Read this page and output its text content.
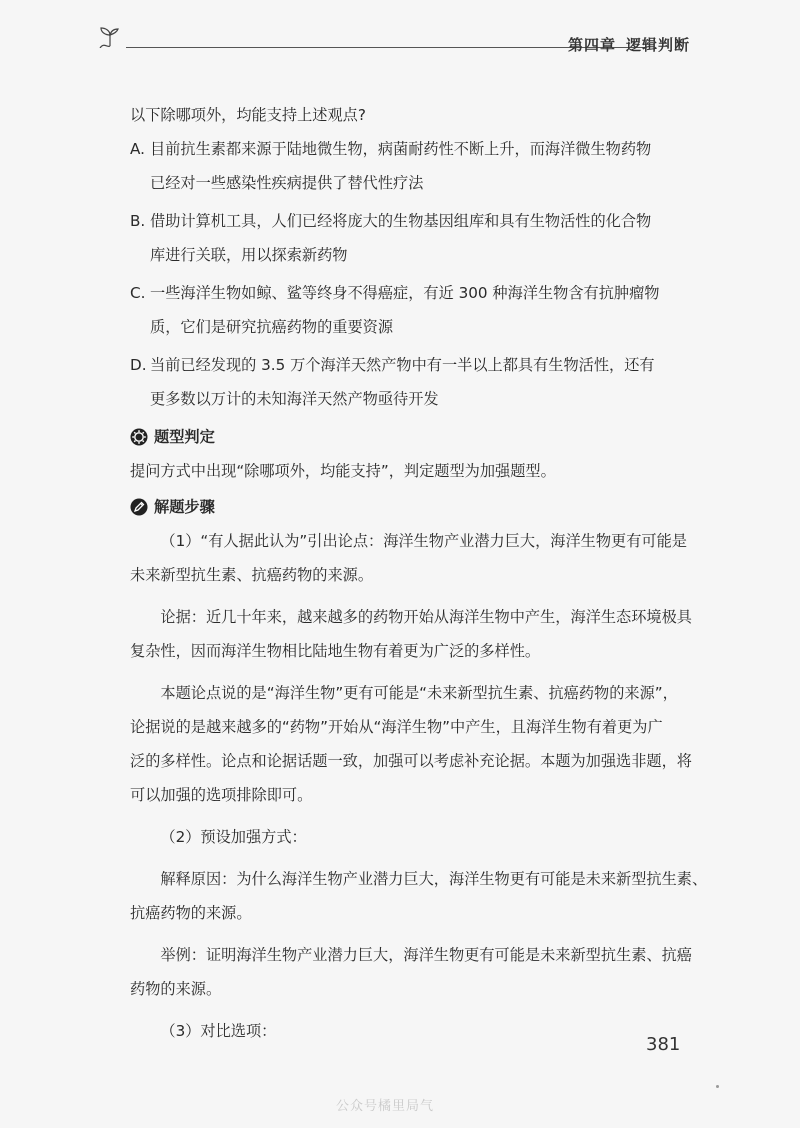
第四章 逻辑判断

以下除哪项外，均能支持上述观点?

A. 目前抗生素都来源于陆地微生物，病菌耐药性不断上升，而海洋微生物药物
已经对一些感染性疾病提供了替代性疗法
B. 借助计算机工具，人们已经将庞大的生物基因组库和具有生物活性的化合物
库进行关联，用以探索新药物
C. 一些海洋生物如鲸、鲨等终身不得癌症，有近 300 种海洋生物含有抗肿瘤物
质，它们是研究抗癌药物的重要资源
D. 当前已经发现的 3.5 万个海洋天然产物中有一半以上都具有生物活性，还有
更多数以万计的未知海洋天然产物亟待开发
题型判定

提问方式中出现“除哪项外，均能支持”，判定题型为加强题型。

解题步骤
（1）“有人据此认为”引出论点：海洋生物产业潜力巨大，海洋生物更有可能是
未来新型抗生素、抗癌药物的来源。
论据：近几十年来，越来越多的药物开始从海洋生物中产生，海洋生态环境极具
复杂性，因而海洋生物相比陆地生物有着更为广泛的多样性。
本题论点说的是“海洋生物”更有可能是“未来新型抗生素、抗癌药物的来源”，
论据说的是越来越多的“药物”开始从“海洋生物”中产生，且海洋生物有着更为广
泛的多样性。论点和论据话题一致，加强可以考虑补充论据。本题为加强选非题，将
可以加强的选项排除即可。
（2）预设加强方式：
解释原因：为什么海洋生物产业潜力巨大，海洋生物更有可能是未来新型抗生素、
抗癌药物的来源。
举例：证明海洋生物产业潜力巨大，海洋生物更有可能是未来新型抗生素、抗癌
药物的来源。
（3）对比选项：
381
公众号橘里局气
